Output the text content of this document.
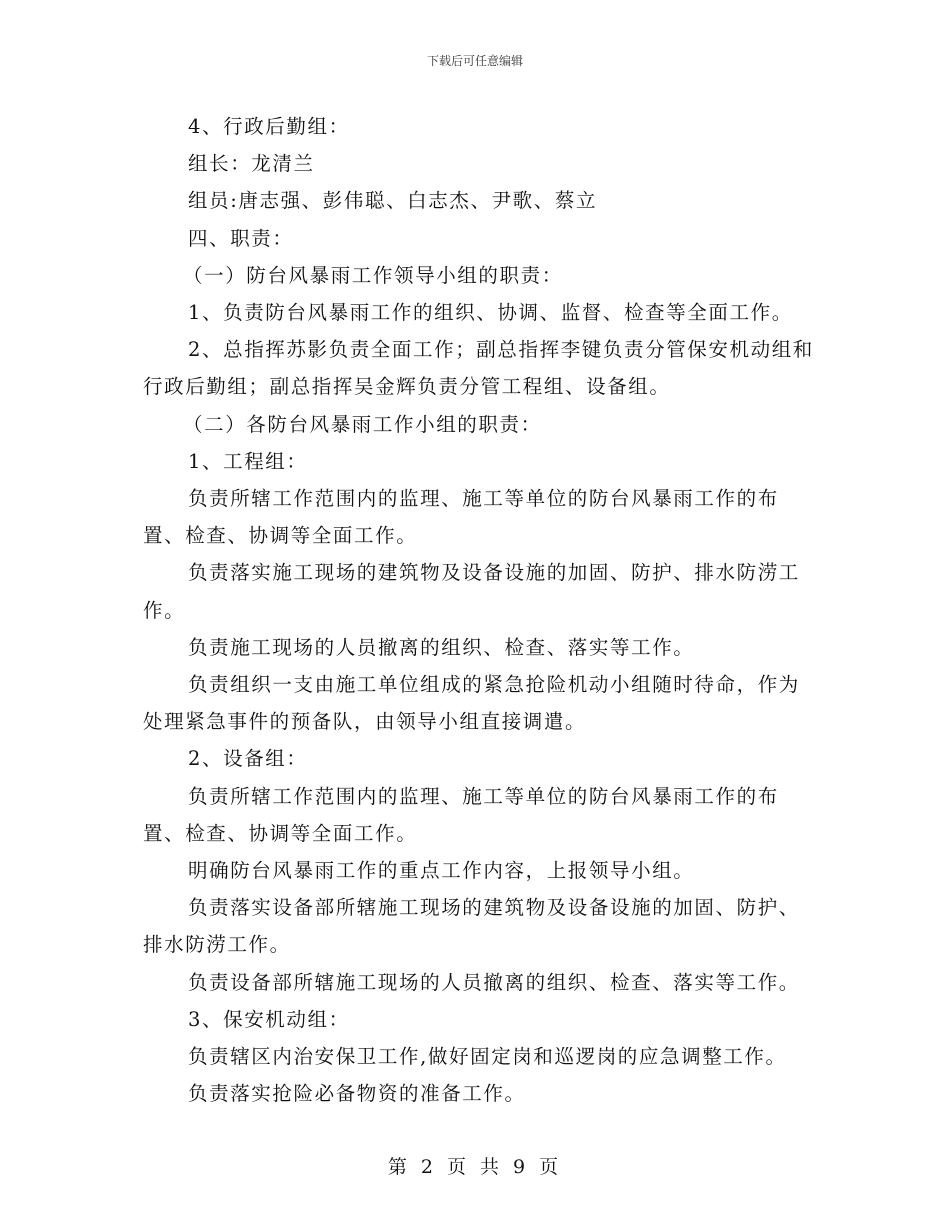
下载后可任意编辑

4、行政后勤组：

组长：龙清兰

组员:唐志强、彭伟聪、白志杰、尹歌、蔡立

四、职责：

（一）防台风暴雨工作领导小组的职责：

1、负责防台风暴雨工作的组织、协调、监督、检查等全面工作。

2、总指挥苏影负责全面工作；副总指挥李键负责分管保安机动组和行政后勤组；副总指挥吴金辉负责分管工程组、设备组。

（二）各防台风暴雨工作小组的职责：

1、工程组：

负责所辖工作范围内的监理、施工等单位的防台风暴雨工作的布置、检查、协调等全面工作。

负责落实施工现场的建筑物及设备设施的加固、防护、排水防涝工作。

负责施工现场的人员撤离的组织、检查、落实等工作。

负责组织一支由施工单位组成的紧急抢险机动小组随时待命，作为处理紧急事件的预备队，由领导小组直接调遣。

2、设备组：

负责所辖工作范围内的监理、施工等单位的防台风暴雨工作的布置、检查、协调等全面工作。

明确防台风暴雨工作的重点工作内容，上报领导小组。

负责落实设备部所辖施工现场的建筑物及设备设施的加固、防护、排水防涝工作。

负责设备部所辖施工现场的人员撤离的组织、检查、落实等工作。

3、保安机动组：

负责辖区内治安保卫工作,做好固定岗和巡逻岗的应急调整工作。

负责落实抢险必备物资的准备工作。

第 2 页 共 9 页
